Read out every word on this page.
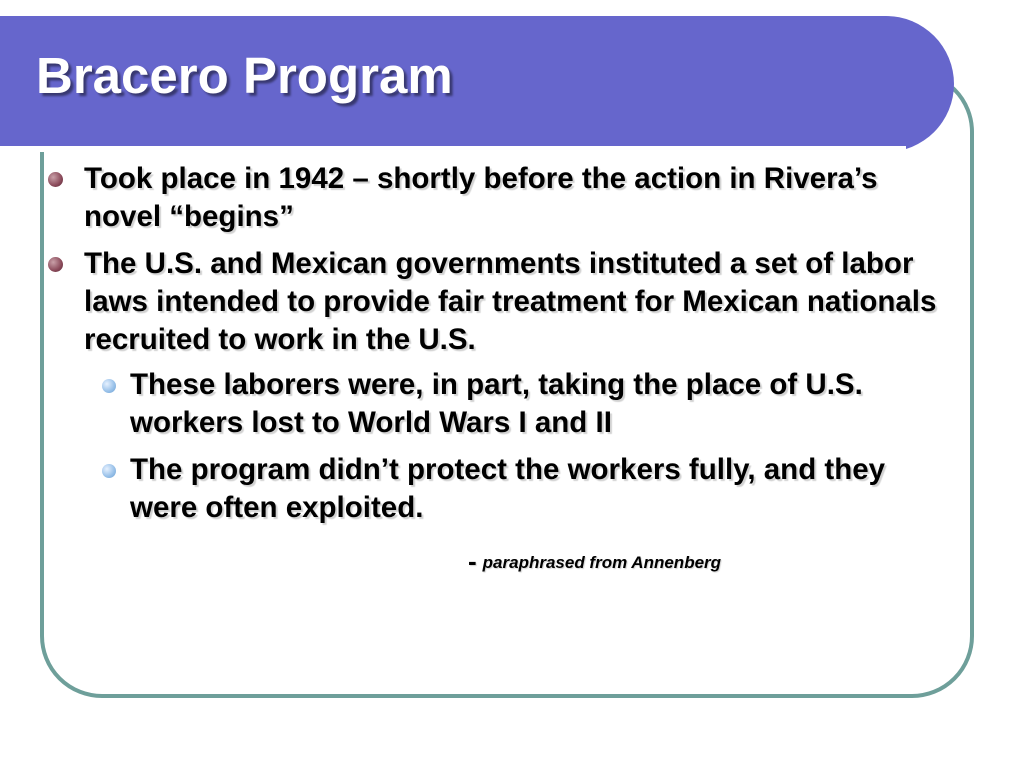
Bracero Program
Took place in 1942 – shortly before the action in Rivera’s novel “begins”
The U.S. and Mexican governments instituted a set of labor laws intended to provide fair treatment for Mexican nationals recruited to work in the U.S.
These laborers were, in part, taking the place of U.S. workers lost to World Wars I and II
The program didn’t protect the workers fully, and they were often exploited.
- paraphrased from Annenberg
